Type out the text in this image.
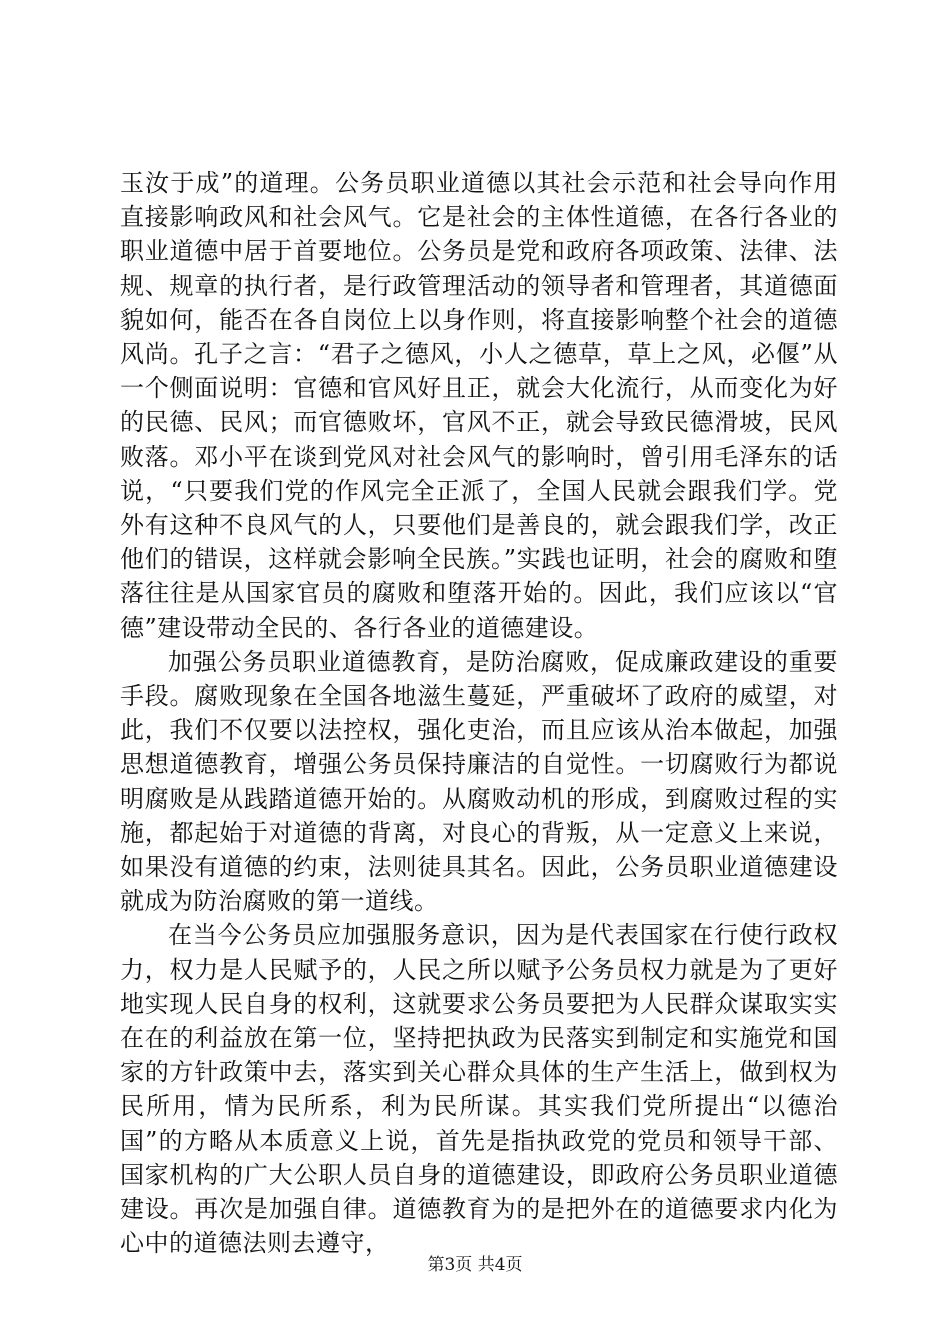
玉汝于成”的道理。公务员职业道德以其社会示范和社会导向作用直接影响政风和社会风气。它是社会的主体性道德，在各行各业的职业道德中居于首要地位。公务员是党和政府各项政策、法律、法规、规章的执行者，是行政管理活动的领导者和管理者，其道德面貌如何，能否在各自岗位上以身作则，将直接影响整个社会的道德风尚。孔子之言：“君子之德风，小人之德草，草上之风，必偃”从一个侧面说明：官德和官风好且正，就会大化流行，从而变化为好的民德、民风；而官德败坏，官风不正，就会导致民德滑坡，民风败落。邓小平在谈到党风对社会风气的影响时，曾引用毛泽东的话说，“只要我们党的作风完全正派了，全国人民就会跟我们学。党外有这种不良风气的人，只要他们是善良的，就会跟我们学，改正他们的错误，这样就会影响全民族。”实践也证明，社会的腐败和堕落往往是从国家官员的腐败和堕落开始的。因此，我们应该以“官德”建设带动全民的、各行各业的道德建设。

加强公务员职业道德教育，是防治腐败，促成廉政建设的重要手段。腐败现象在全国各地滋生蔓延，严重破坏了政府的威望，对此，我们不仅要以法控权，强化吏治，而且应该从治本做起，加强思想道德教育，增强公务员保持廉洁的自觉性。一切腐败行为都说明腐败是从践踏道德开始的。从腐败动机的形成，到腐败过程的实施，都起始于对道德的背离，对良心的背叛，从一定意义上来说，如果没有道德的约束，法则徒具其名。因此，公务员职业道德建设就成为防治腐败的第一道线。

在当今公务员应加强服务意识，因为是代表国家在行使行政权力，权力是人民赋予的，人民之所以赋予公务员权力就是为了更好地实现人民自身的权利，这就要求公务员要把为人民群众谋取实实在在的利益放在第一位，坚持把执政为民落实到制定和实施党和国家的方针政策中去，落实到关心群众具体的生产生活上，做到权为民所用，情为民所系，利为民所谋。其实我们党所提出“以德治国”的方略从本质意义上说，首先是指执政党的党员和领导干部、国家机构的广大公职人员自身的道德建设，即政府公务员职业道德建设。再次是加强自律。道德教育为的是把外在的道德要求内化为心中的道德法则去遵守，

第3页 共4页
